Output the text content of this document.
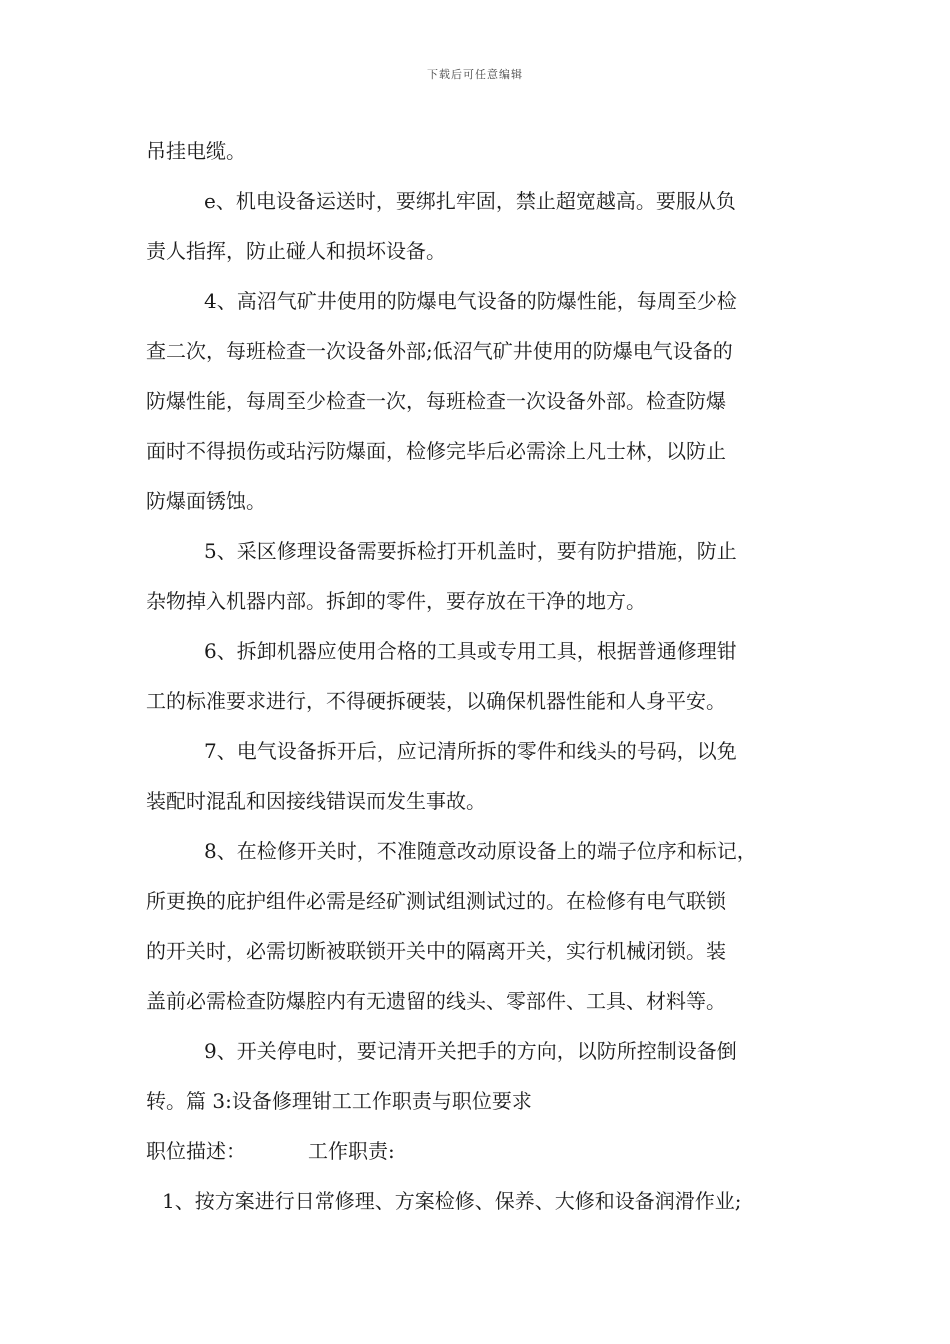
下载后可任意编辑
吊挂电缆。
e、机电设备运送时，要绑扎牢固，禁止超宽越高。要服从负
责人指挥，防止碰人和损坏设备。
4、高沼气矿井使用的防爆电气设备的防爆性能，每周至少检
查二次，每班检查一次设备外部;低沼气矿井使用的防爆电气设备的
防爆性能，每周至少检查一次，每班检查一次设备外部。检查防爆
面时不得损伤或玷污防爆面，检修完毕后必需涂上凡士林，以防止
防爆面锈蚀。
5、采区修理设备需要拆检打开机盖时，要有防护措施，防止
杂物掉入机器内部。拆卸的零件，要存放在干净的地方。
6、拆卸机器应使用合格的工具或专用工具，根据普通修理钳
工的标准要求进行，不得硬拆硬装，以确保机器性能和人身平安。
7、电气设备拆开后，应记清所拆的零件和线头的号码，以免
装配时混乱和因接线错误而发生事故。
8、在检修开关时，不准随意改动原设备上的端子位序和标记，
所更换的庇护组件必需是经矿测试组测试过的。在检修有电气联锁
的开关时，必需切断被联锁开关中的隔离开关，实行机械闭锁。装
盖前必需检查防爆腔内有无遗留的线头、零部件、工具、材料等。
9、开关停电时，要记清开关把手的方向，以防所控制设备倒
转。篇 3:设备修理钳工工作职责与职位要求
职位描述：	工作职责:
1、按方案进行日常修理、方案检修、保养、大修和设备润滑作业;
